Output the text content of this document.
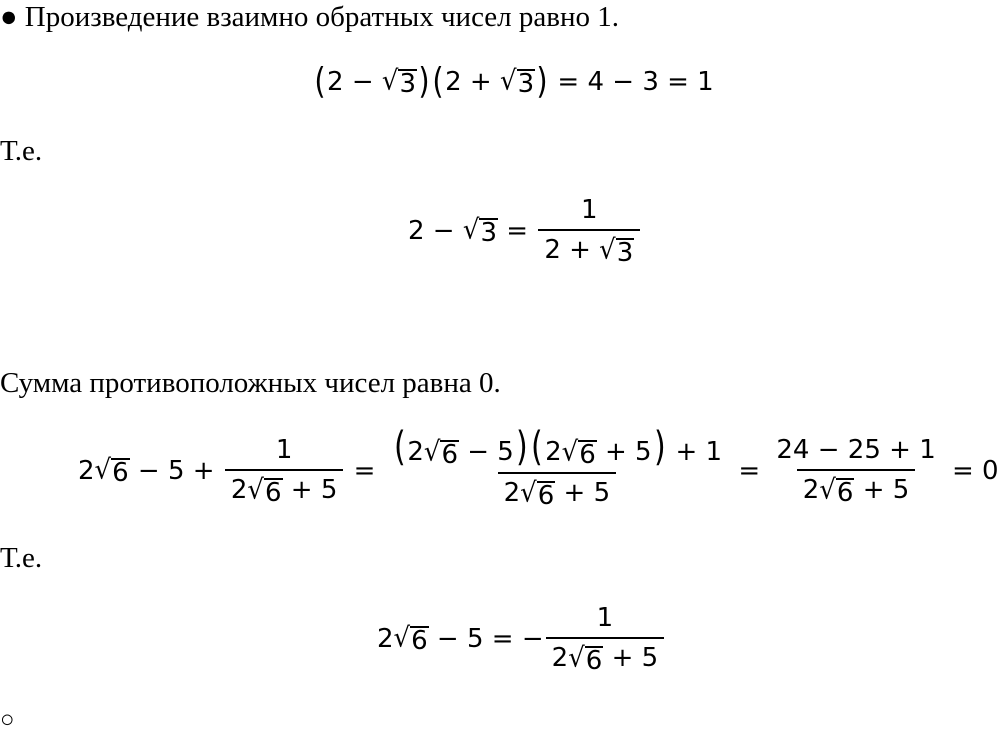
● Произведение взаимно обратных чисел равно 1.
( 2 − √ 3 ) ( 2 + √ 3 ) = 4 − 3 = 1
Т.е.
2 − √ $3 = \frac{1}{2 + √ 3}$
Сумма противоположных чисел равна 0.
2 √ $6 - 5 + \frac{1}{2 √ 6 + 5} = \frac{(2 √ 6 - 5)(2 √ 6 + 5) + 1}{2 √ 6 + 5} = \frac{24 - 25 + 1}{2 √ 6 + 5} = 0$
Т.е.
2 √ 6 − 5 = − $\frac{1}{2 √ 6 + 5}$
○
